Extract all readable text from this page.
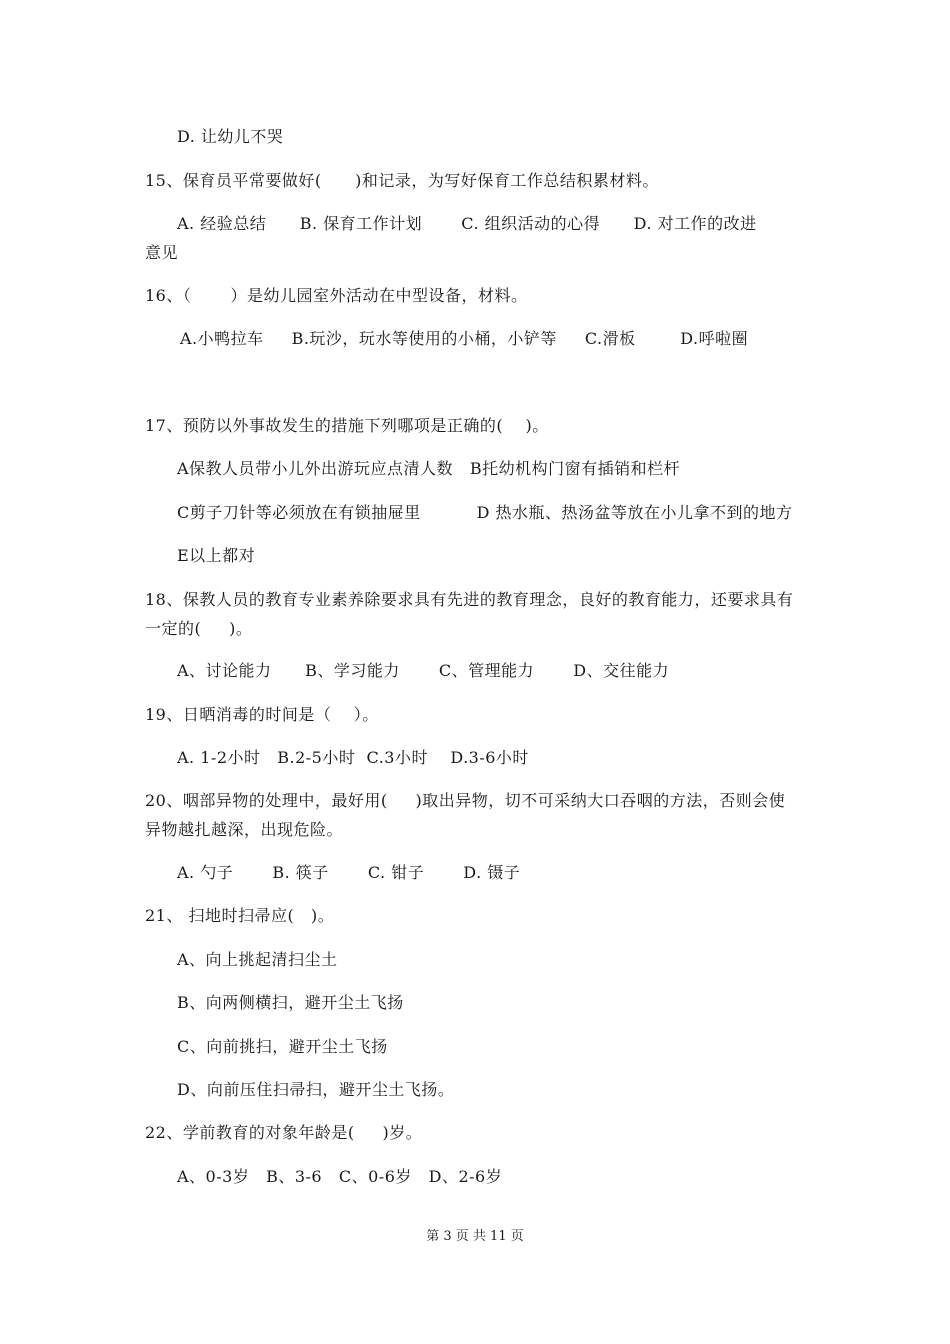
D. 让幼儿不哭
15、保育员平常要做好(      )和记录，为写好保育工作总结积累材料。
A. 经验总结      B. 保育工作计划       C. 组织活动的心得      D. 对工作的改进
意见
16、（       ）是幼儿园室外活动在中型设备，材料。
A.小鸭拉车     B.玩沙，玩水等使用的小桶，小铲等     C.滑板        D.呼啦圈
17、预防以外事故发生的措施下列哪项是正确的(    )。
A保教人员带小儿外出游玩应点清人数   B托幼机构门窗有插销和栏杆
C剪子刀针等必须放在有锁抽屉里          D 热水瓶、热汤盆等放在小儿拿不到的地方
E以上都对
18、保教人员的教育专业素养除要求具有先进的教育理念，良好的教育能力，还要求具有
一定的(     )。
A、讨论能力      B、学习能力       C、管理能力       D、交往能力
19、日晒消毒的时间是（    ）。
A. 1-2小时   B.2-5小时  C.3小时    D.3-6小时
20、咽部异物的处理中，最好用(     )取出异物，切不可采纳大口吞咽的方法，否则会使
异物越扎越深，出现危险。
A. 勺子       B. 筷子       C. 钳子       D. 镊子
21、 扫地时扫帚应(   )。
A、向上挑起清扫尘土
B、向两侧横扫，避开尘土飞扬
C、向前挑扫，避开尘土飞扬
D、向前压住扫帚扫，避开尘土飞扬。
22、学前教育的对象年龄是(     )岁。
A、0-3岁   B、3-6   C、0-6岁   D、2-6岁
第 3 页 共 11 页
